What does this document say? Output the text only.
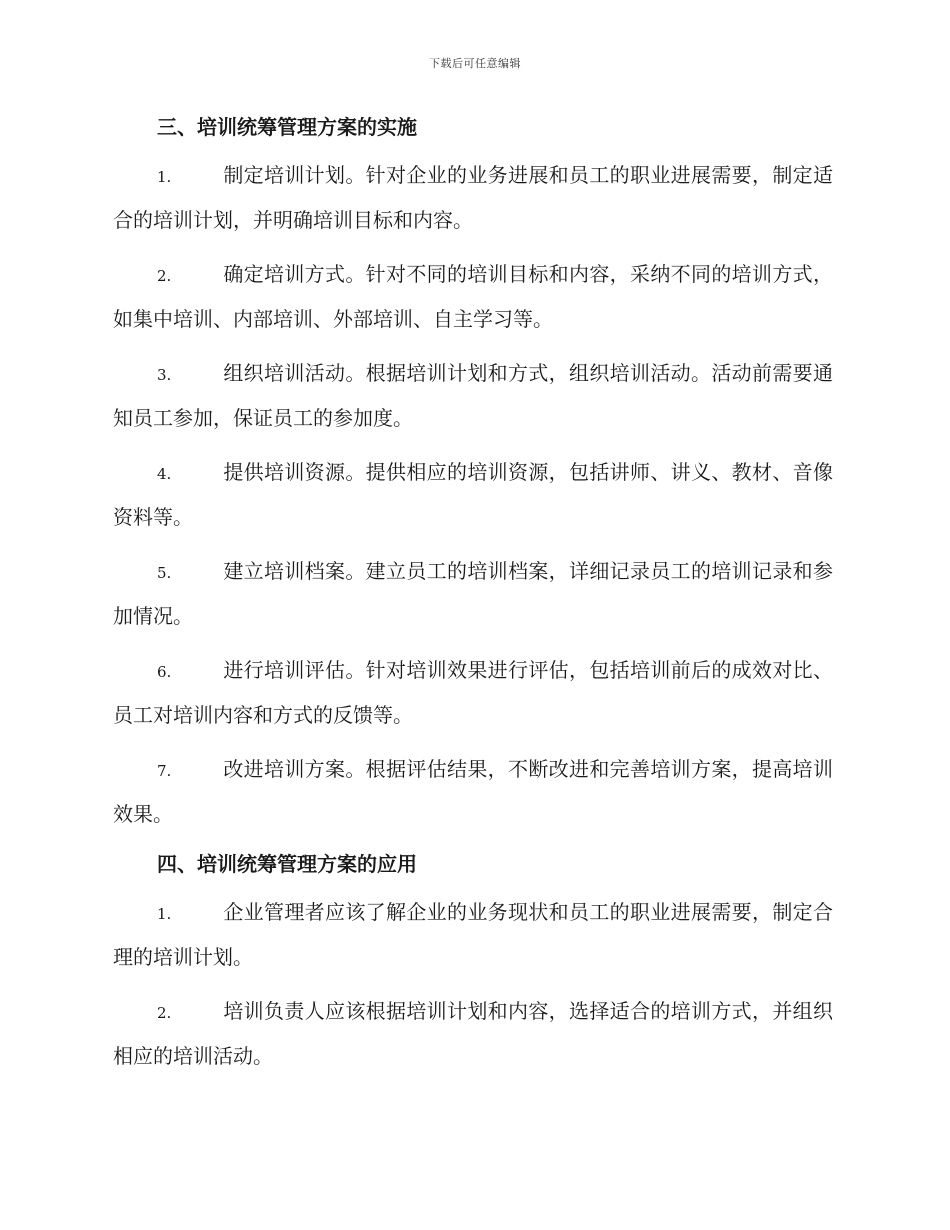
下载后可任意编辑
三、培训统筹管理方案的实施

1.	制定培训计划。针对企业的业务进展和员工的职业进展需要，制定适合的培训计划，并明确培训目标和内容。

2.	确定培训方式。针对不同的培训目标和内容，采纳不同的培训方式，如集中培训、内部培训、外部培训、自主学习等。

3.	组织培训活动。根据培训计划和方式，组织培训活动。活动前需要通知员工参加，保证员工的参加度。

4.	提供培训资源。提供相应的培训资源，包括讲师、讲义、教材、音像资料等。

5.	建立培训档案。建立员工的培训档案，详细记录员工的培训记录和参加情况。

6.	进行培训评估。针对培训效果进行评估，包括培训前后的成效对比、员工对培训内容和方式的反馈等。

7.	改进培训方案。根据评估结果，不断改进和完善培训方案，提高培训效果。

四、培训统筹管理方案的应用

1.	企业管理者应该了解企业的业务现状和员工的职业进展需要，制定合理的培训计划。

2.	培训负责人应该根据培训计划和内容，选择适合的培训方式，并组织相应的培训活动。
